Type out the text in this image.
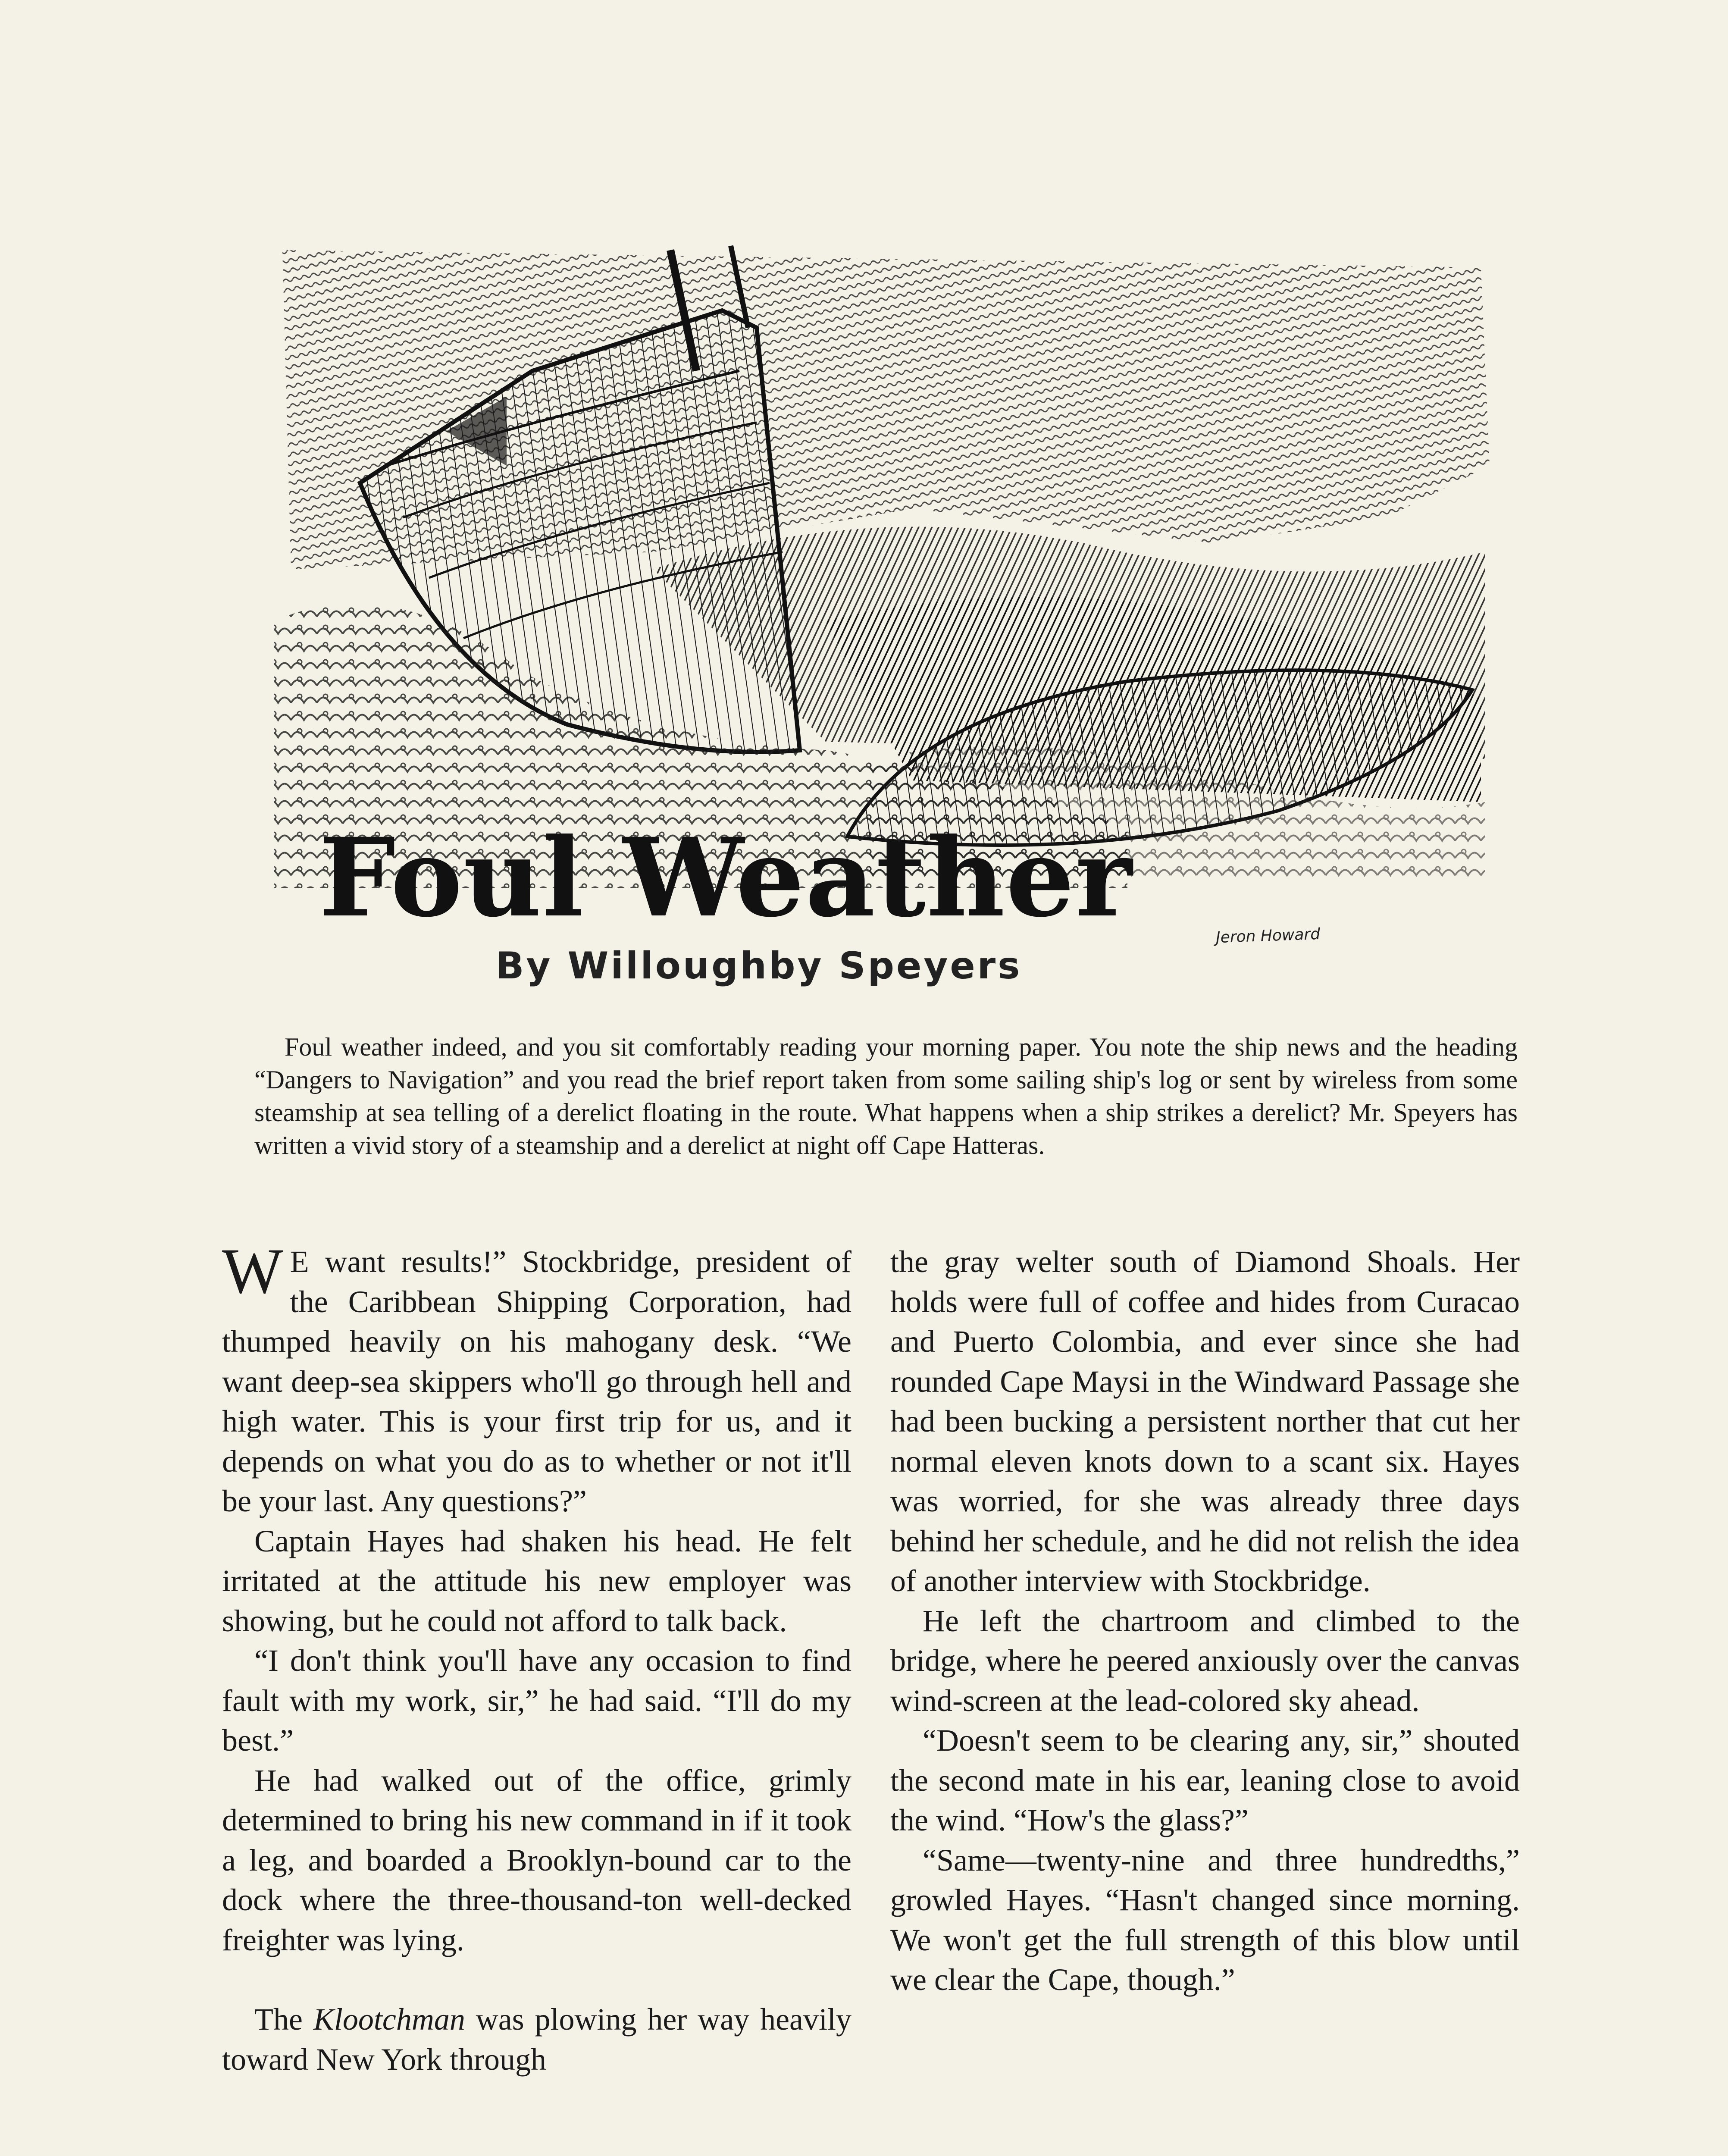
Foul Weather	Jeron Howard
By Willoughby Speyers

Foul weather indeed, and you sit comfortably reading your morning paper. You note the ship news and the heading “Dangers to Navigation” and you read the brief report taken from some sailing ship's log or sent by wireless from some steamship at sea telling of a derelict floating in the route. What happens when a ship strikes a derelict? Mr. Speyers has written a vivid story of a steamship and a derelict at night off Cape Hatteras.

W E want results!” Stockbridge, president of the Caribbean Shipping Corporation, had thumped heavily on his mahogany desk. “We want deep-sea skippers who'll go through hell and high water. This is your first trip for us, and it depends on what you do as to whether or not it'll be your last. Any questions?”

Captain Hayes had shaken his head. He felt irritated at the attitude his new employer was showing, but he could not afford to talk back.

“I don't think you'll have any occasion to find fault with my work, sir,” he had said. “I'll do my best.”

He had walked out of the office, grimly determined to bring his new command in if it took a leg, and boarded a Brooklyn-bound car to the dock where the three-thousand-ton well-decked freighter was lying.

The Klootchman was plowing her way heavily toward New York through

the gray welter south of Diamond Shoals. Her holds were full of coffee and hides from Curacao and Puerto Colombia, and ever since she had rounded Cape Maysi in the Windward Passage she had been bucking a persistent norther that cut her normal eleven knots down to a scant six. Hayes was worried, for she was already three days behind her schedule, and he did not relish the idea of another interview with Stockbridge.

He left the chartroom and climbed to the bridge, where he peered anxiously over the canvas wind-screen at the lead-colored sky ahead.

“Doesn't seem to be clearing any, sir,” shouted the second mate in his ear, leaning close to avoid the wind. “How's the glass?”

“Same—twenty-nine and three hundredths,” growled Hayes. “Hasn't changed since morning. We won't get the full strength of this blow until we clear the Cape, though.”
